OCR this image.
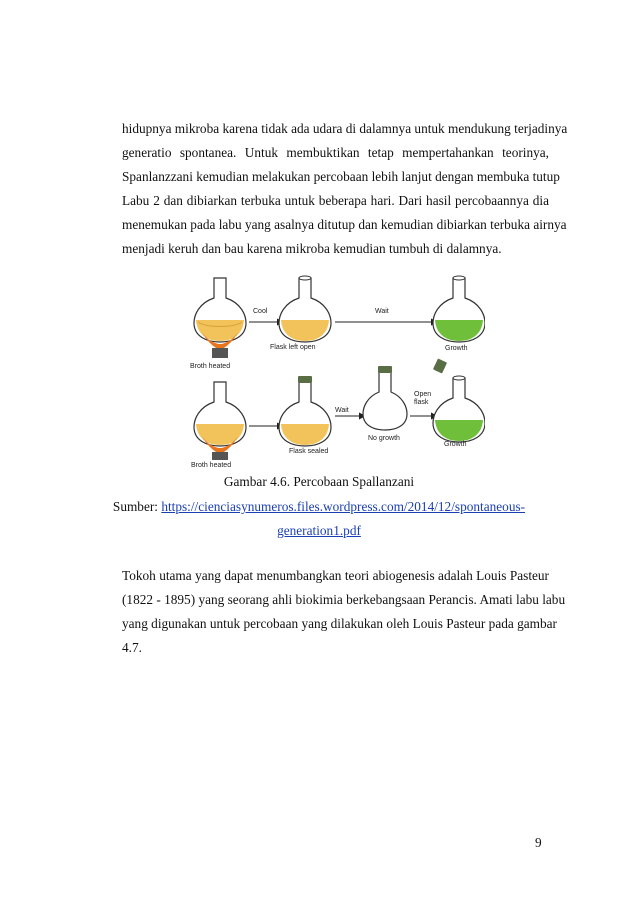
hidupnya mikroba karena tidak ada udara di dalamnya untuk mendukung terjadinya
generatio spontanea. Untuk membuktikan tetap mempertahankan teorinya,
Spanlanzzani kemudian melakukan percobaan lebih lanjut dengan membuka tutup
Labu 2 dan dibiarkan terbuka untuk beberapa hari. Dari hasil percobaannya dia
menemukan pada labu yang asalnya ditutup dan kemudian dibiarkan terbuka airnya
menjadi keruh dan bau karena mikroba kemudian tumbuh di dalamnya.
Broth heated
Cool
Flask left open
Wait
Growth
Broth heated
Flask sealed
Wait
No growth
Open
flask
Growth
Gambar 4.6. Percobaan Spallanzani
Sumber: https://cienciasynumeros.files.wordpress.com/2014/12/spontaneous-
generation1.pdf
Tokoh utama yang dapat menumbangkan teori abiogenesis adalah Louis Pasteur
(1822 - 1895) yang seorang ahli biokimia berkebangsaan Perancis. Amati labu labu
yang digunakan untuk percobaan yang dilakukan oleh Louis Pasteur pada gambar
4.7.
9
